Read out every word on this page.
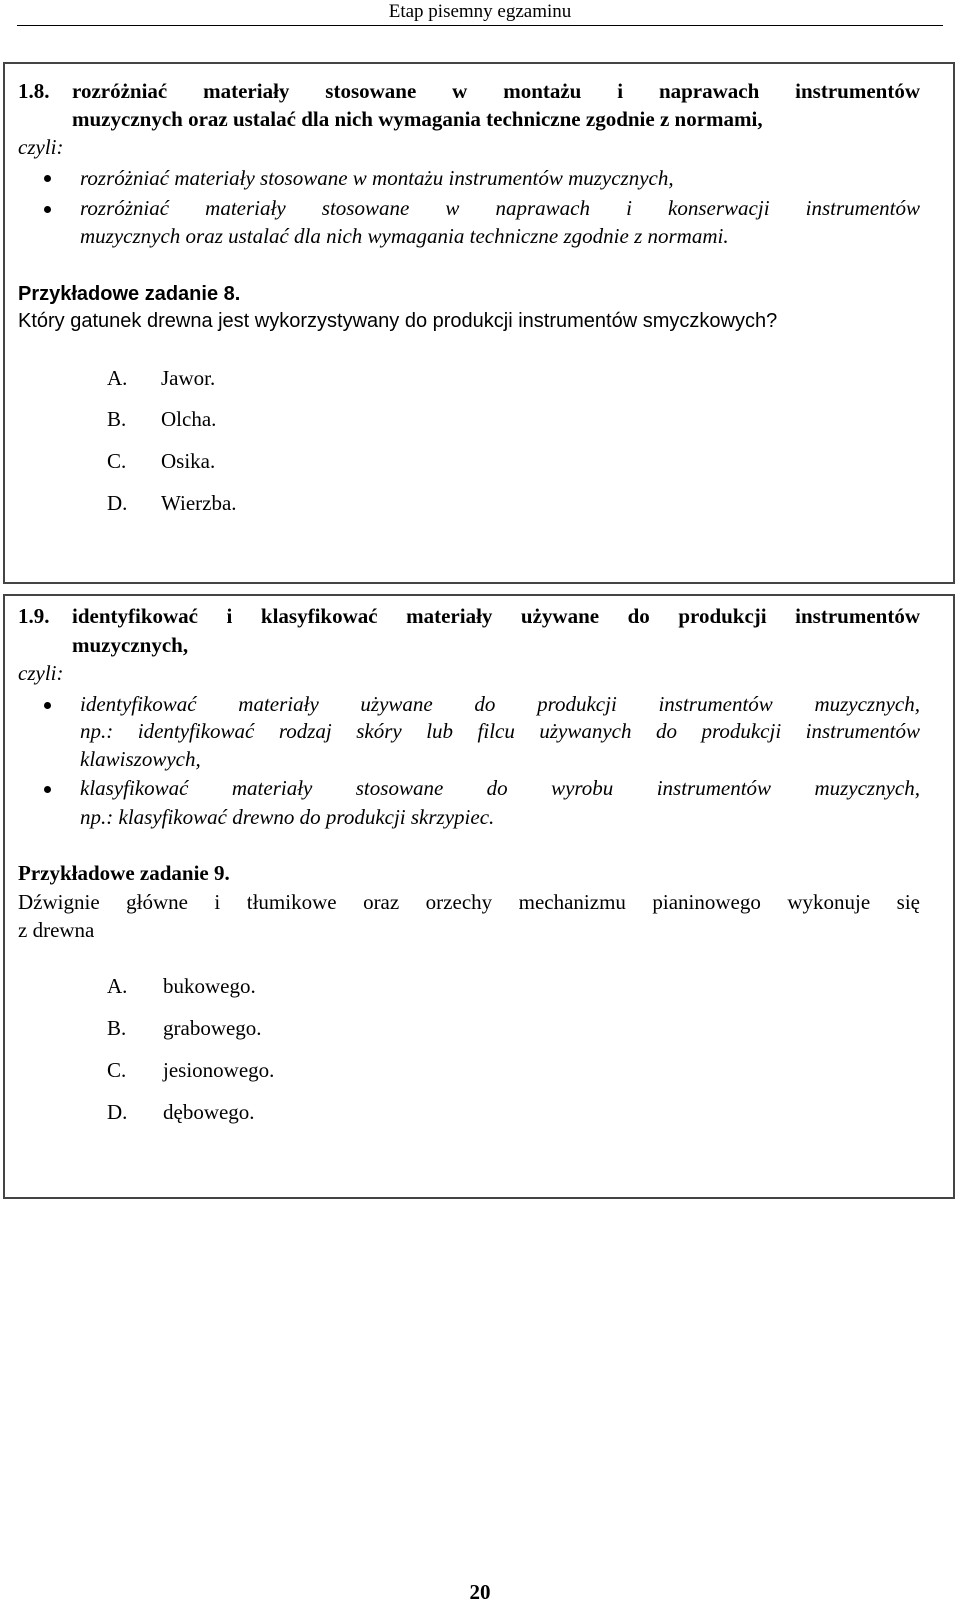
Etap pisemny egzaminu
1.8. rozróżniać materiały stosowane w montażu i naprawach instrumentów
muzycznych oraz ustalać dla nich wymagania techniczne zgodnie z normami,
czyli:
rozróżniać materiały stosowane w montażu instrumentów muzycznych,
rozróżniać materiały stosowane w naprawach i konserwacji instrumentów
muzycznych oraz ustalać dla nich wymagania techniczne zgodnie z normami.
Przykładowe zadanie 8.
Który gatunek drewna jest wykorzystywany do produkcji instrumentów smyczkowych?
A. Jawor.
B. Olcha.
C. Osika.
D. Wierzba.
1.9. identyfikować i klasyfikować materiały używane do produkcji instrumentów
muzycznych,
czyli:
identyfikować materiały używane do produkcji instrumentów muzycznych,
np.: identyfikować rodzaj skóry lub filcu używanych do produkcji instrumentów
klawiszowych,
klasyfikować materiały stosowane do wyrobu instrumentów muzycznych,
np.: klasyfikować drewno do produkcji skrzypiec.
Przykładowe zadanie 9.
Dźwignie główne i tłumikowe oraz orzechy mechanizmu pianinowego wykonuje się
z drewna
A. bukowego.
B. grabowego.
C. jesionowego.
D. dębowego.
20
